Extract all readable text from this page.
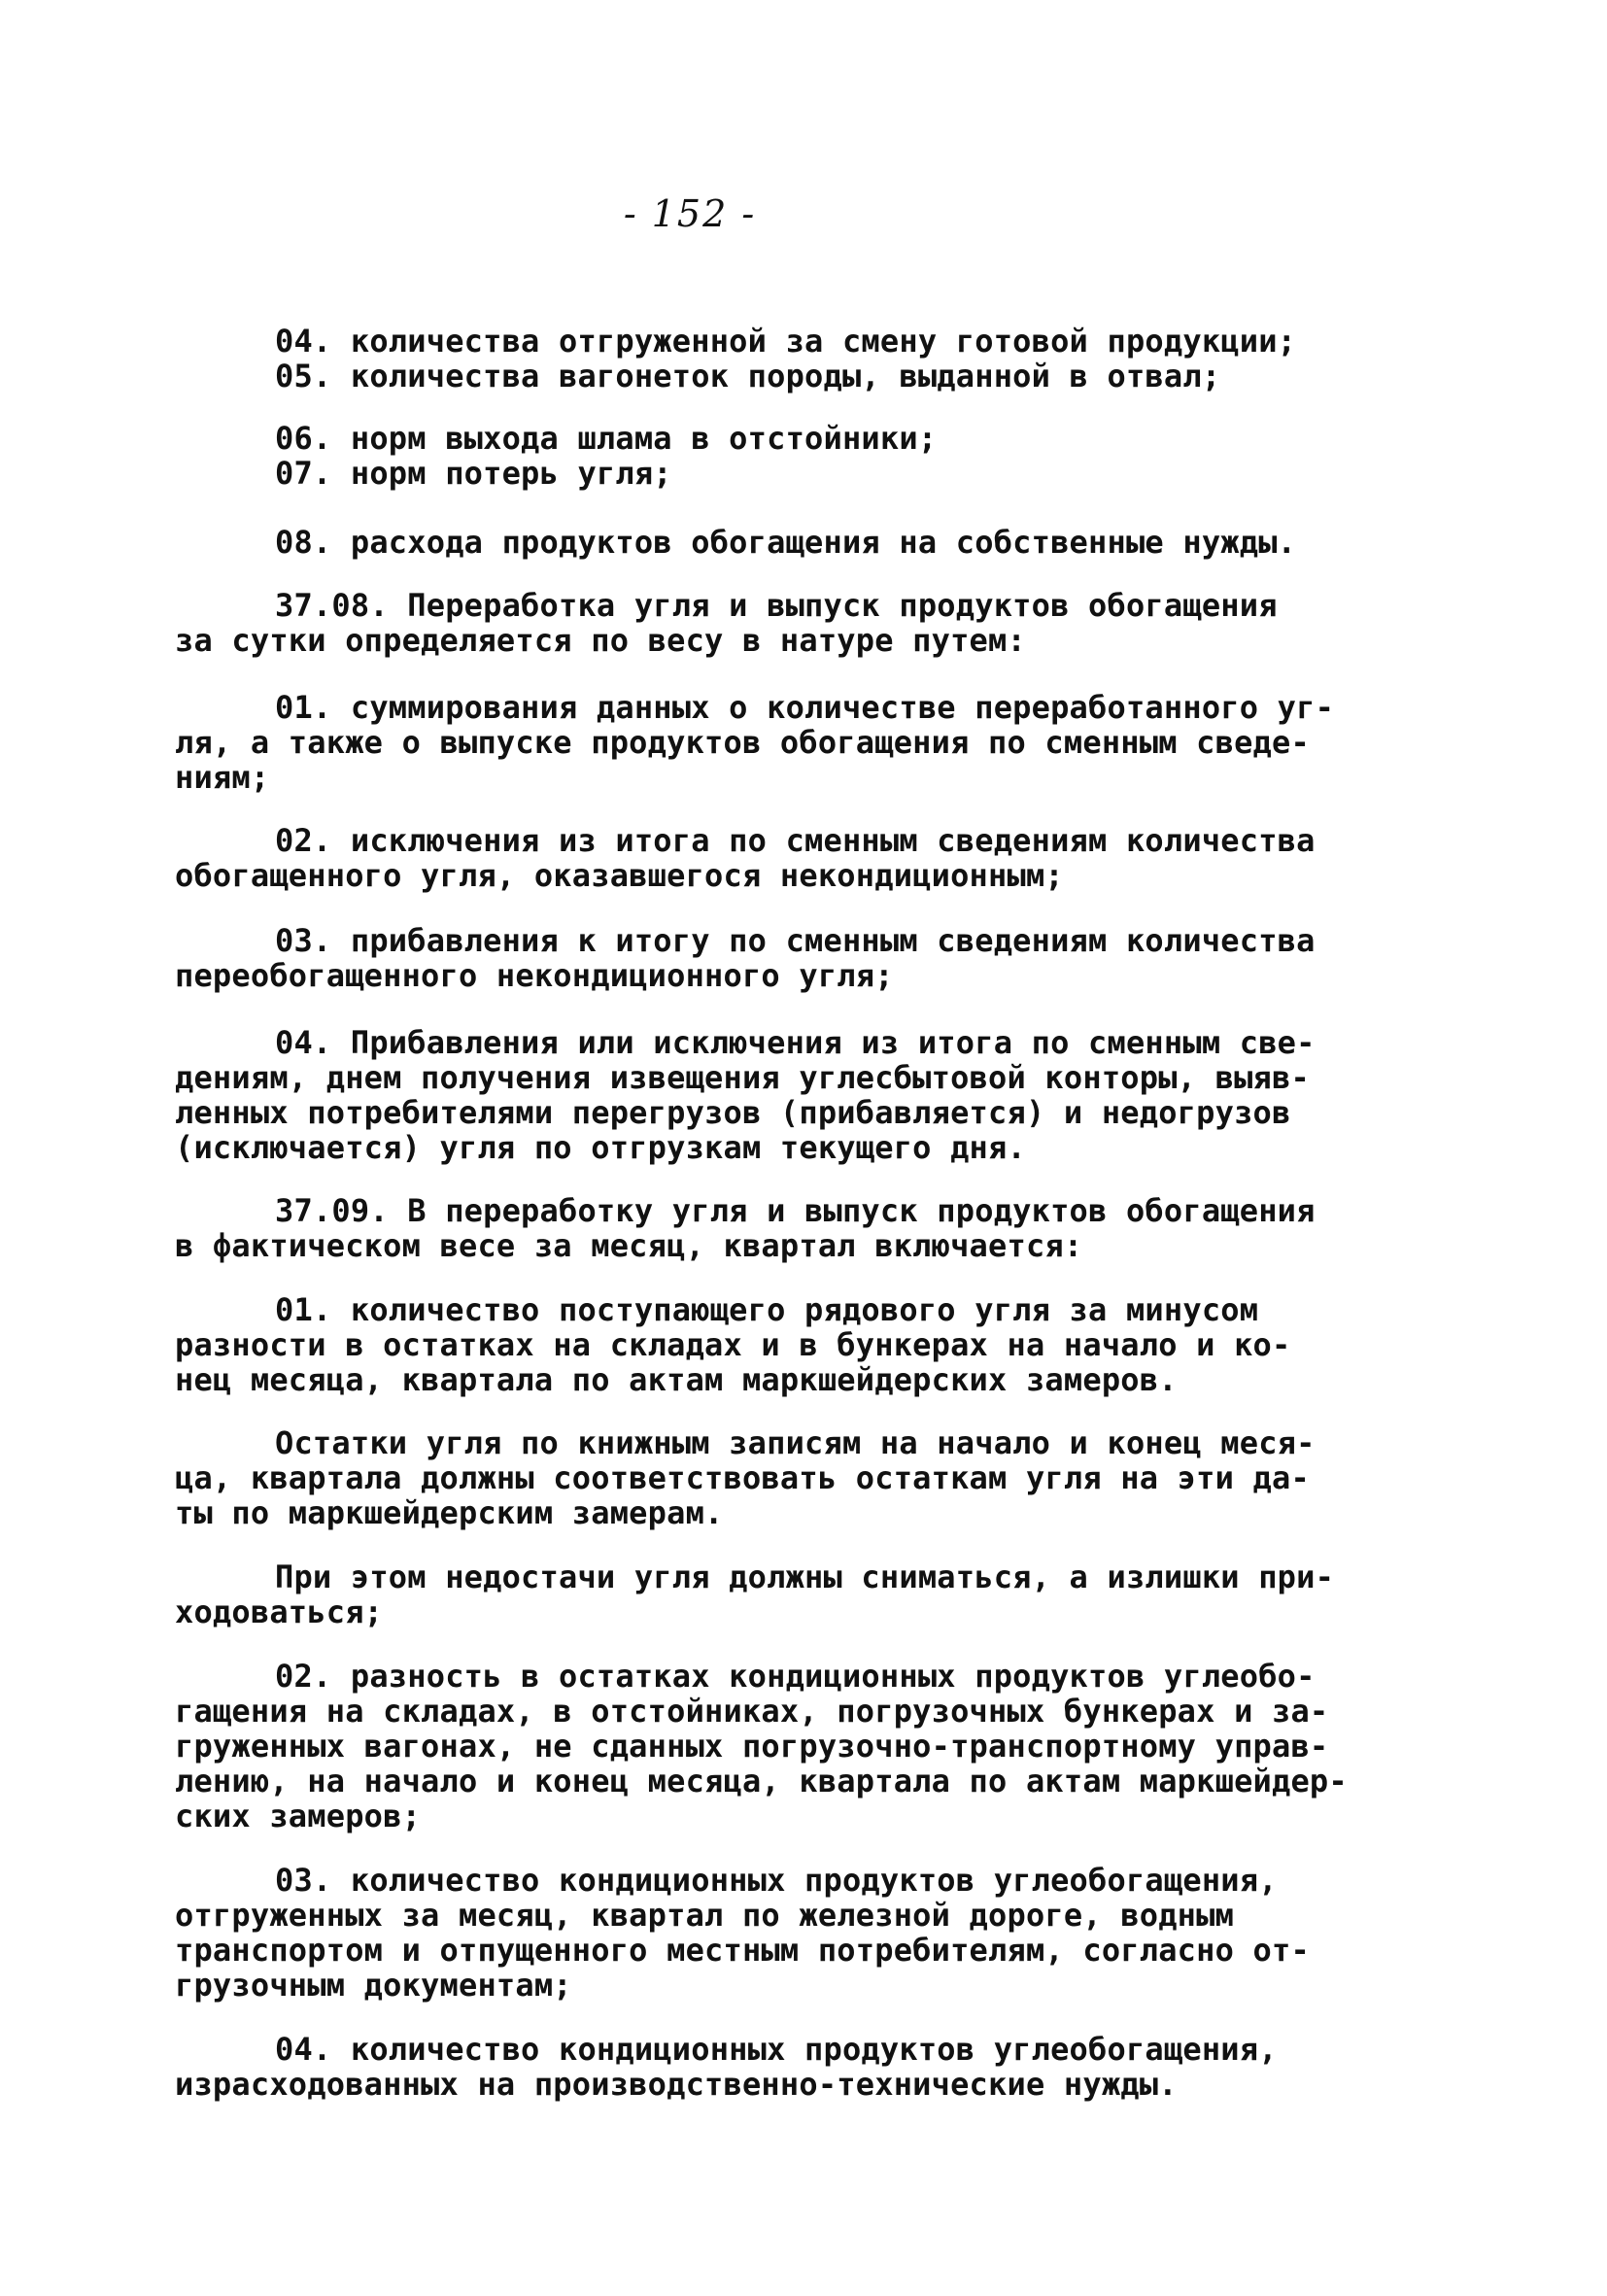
- 152 -
04. количества отгруженной за смену готовой продукции;
05. количества вагонеток породы, выданной в отвал;
06. норм выхода шлама в отстойники;
07. норм потерь угля;
08. расхода продуктов обогащения на собственные нужды.
37.08. Переработка угля и выпуск продуктов обогащения
за сутки определяется по весу в натуре путем:
01. суммирования данных о количестве переработанного уг-
ля, а также о выпуске продуктов обогащения по сменным сведе-
ниям;
02. исключения из итога по сменным сведениям количества
обогащенного угля, оказавшегося некондиционным;
03. прибавления к итогу по сменным сведениям количества
переобогащенного некондиционного угля;
04. Прибавления или исключения из итога по сменным све-
дениям, днем получения извещения углесбытовой конторы, выяв-
ленных потребителями перегрузов (прибавляется) и недогрузов
(исключается) угля по отгрузкам текущего дня.
37.09. В переработку угля и выпуск продуктов обогащения
в фактическом весе за месяц, квартал включается:
01. количество поступающего рядового угля за минусом
разности в остатках на складах и в бункерах на начало и ко-
нец месяца, квартала по актам маркшейдерских замеров.
Остатки угля по книжным записям на начало и конец меся-
ца, квартала должны соответствовать остаткам угля на эти да-
ты по маркшейдерским замерам.
При этом недостачи угля должны сниматься, а излишки при-
ходоваться;
02. разность в остатках кондиционных продуктов углеобо-
гащения на складах, в отстойниках, погрузочных бункерах и за-
груженных вагонах, не сданных погрузочно-транспортному управ-
лению, на начало и конец месяца, квартала по актам маркшейдер-
ских замеров;
03. количество кондиционных продуктов углеобогащения,
отгруженных за месяц, квартал по железной дороге, водным
транспортом и отпущенного местным потребителям, согласно от-
грузочным документам;
04. количество кондиционных продуктов углеобогащения,
израсходованных на производственно-технические нужды.
